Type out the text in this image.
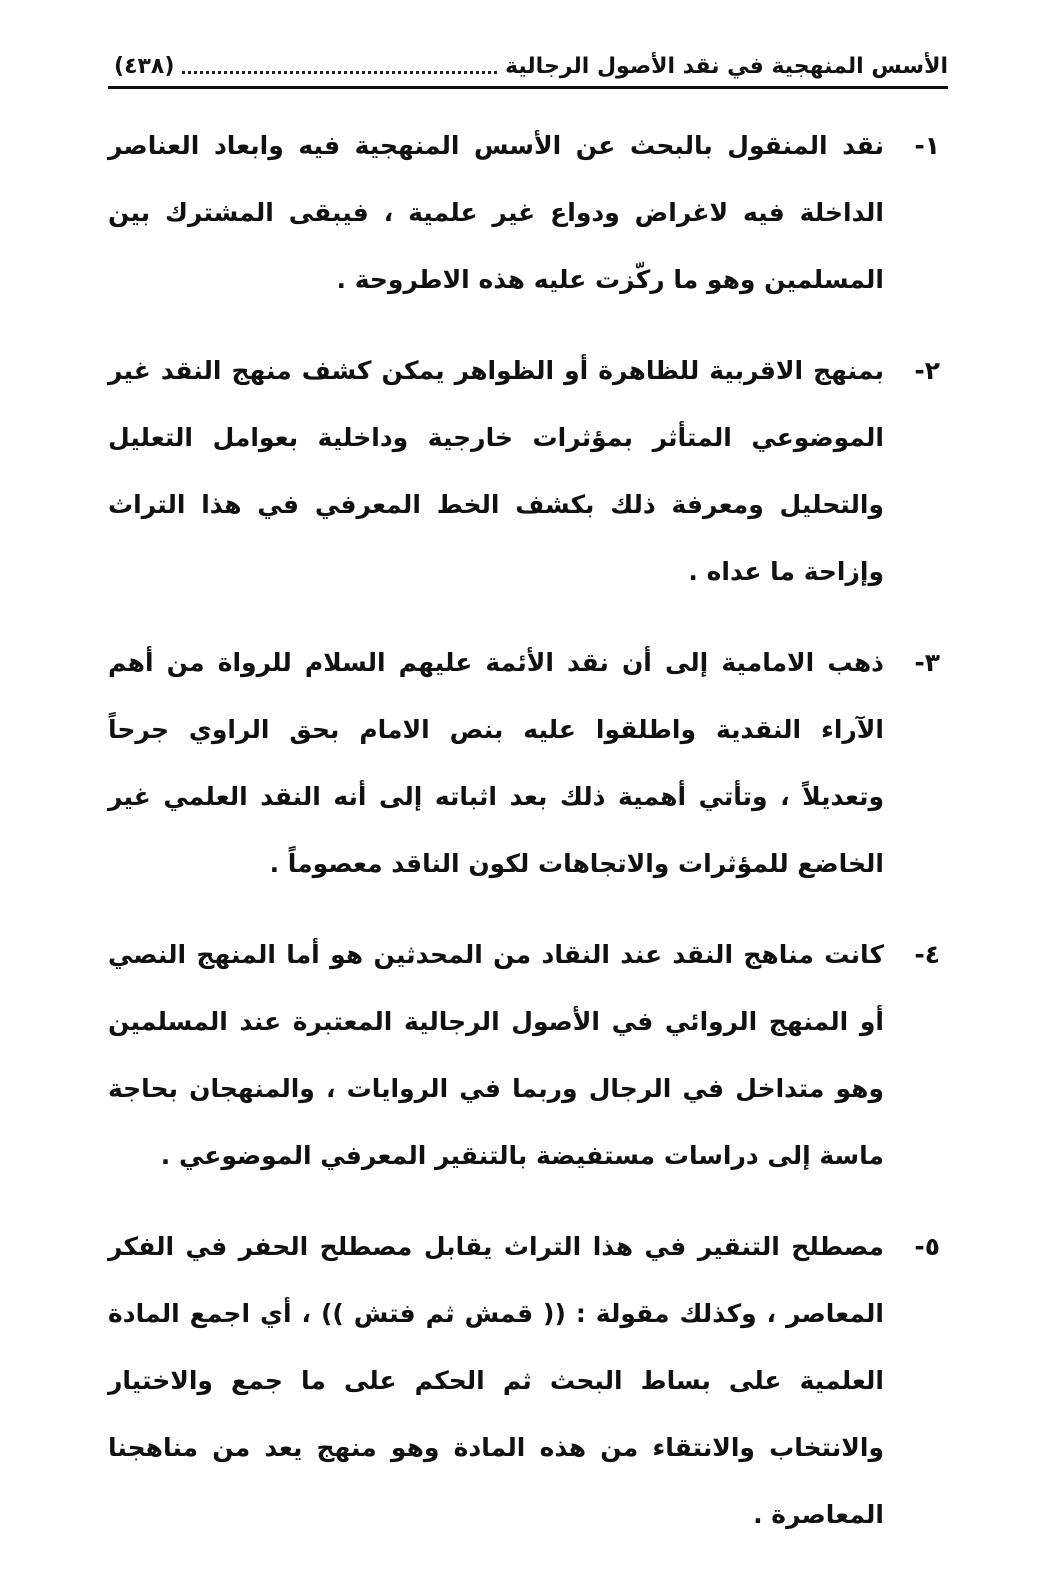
الأسس المنهجية في نقد الأصول الرجالية
(٤٣٨)
١-
نقد المنقول بالبحث عن الأسس المنهجية فيه وابعاد العناصر الداخلة فيه لاغراض ودواع غير علمية ، فيبقى المشترك بين المسلمين وهو ما ركّزت عليه هذه الاطروحة .
٢-
بمنهج الاقربية للظاهرة أو الظواهر يمكن كشف منهج النقد غير الموضوعي المتأثر بمؤثرات خارجية وداخلية بعوامل التعليل والتحليل ومعرفة ذلك بكشف الخط المعرفي في هذا التراث وإزاحة ما عداه .
٣-
ذهب الامامية إلى أن نقد الأئمة عليهم السلام للرواة من أهم الآراء النقدية واطلقوا عليه بنص الامام بحق الراوي جرحاً وتعديلاً ، وتأتي أهمية ذلك بعد اثباته إلى أنه النقد العلمي غير الخاضع للمؤثرات والاتجاهات لكون الناقد معصوماً .
٤-
كانت مناهج النقد عند النقاد من المحدثين هو أما المنهج النصي أو المنهج الروائي في الأصول الرجالية المعتبرة عند المسلمين وهو متداخل في الرجال وربما في الروايات ، والمنهجان بحاجة ماسة إلى دراسات مستفيضة بالتنقير المعرفي الموضوعي .
٥-
مصطلح التنقير في هذا التراث يقابل مصطلح الحفر في الفكر المعاصر ، وكذلك مقولة : (( قمش ثم فتش )) ، أي اجمع المادة العلمية على بساط البحث ثم الحكم على ما جمع والاختيار والانتخاب والانتقاء من هذه المادة وهو منهج يعد من مناهجنا المعاصرة .
